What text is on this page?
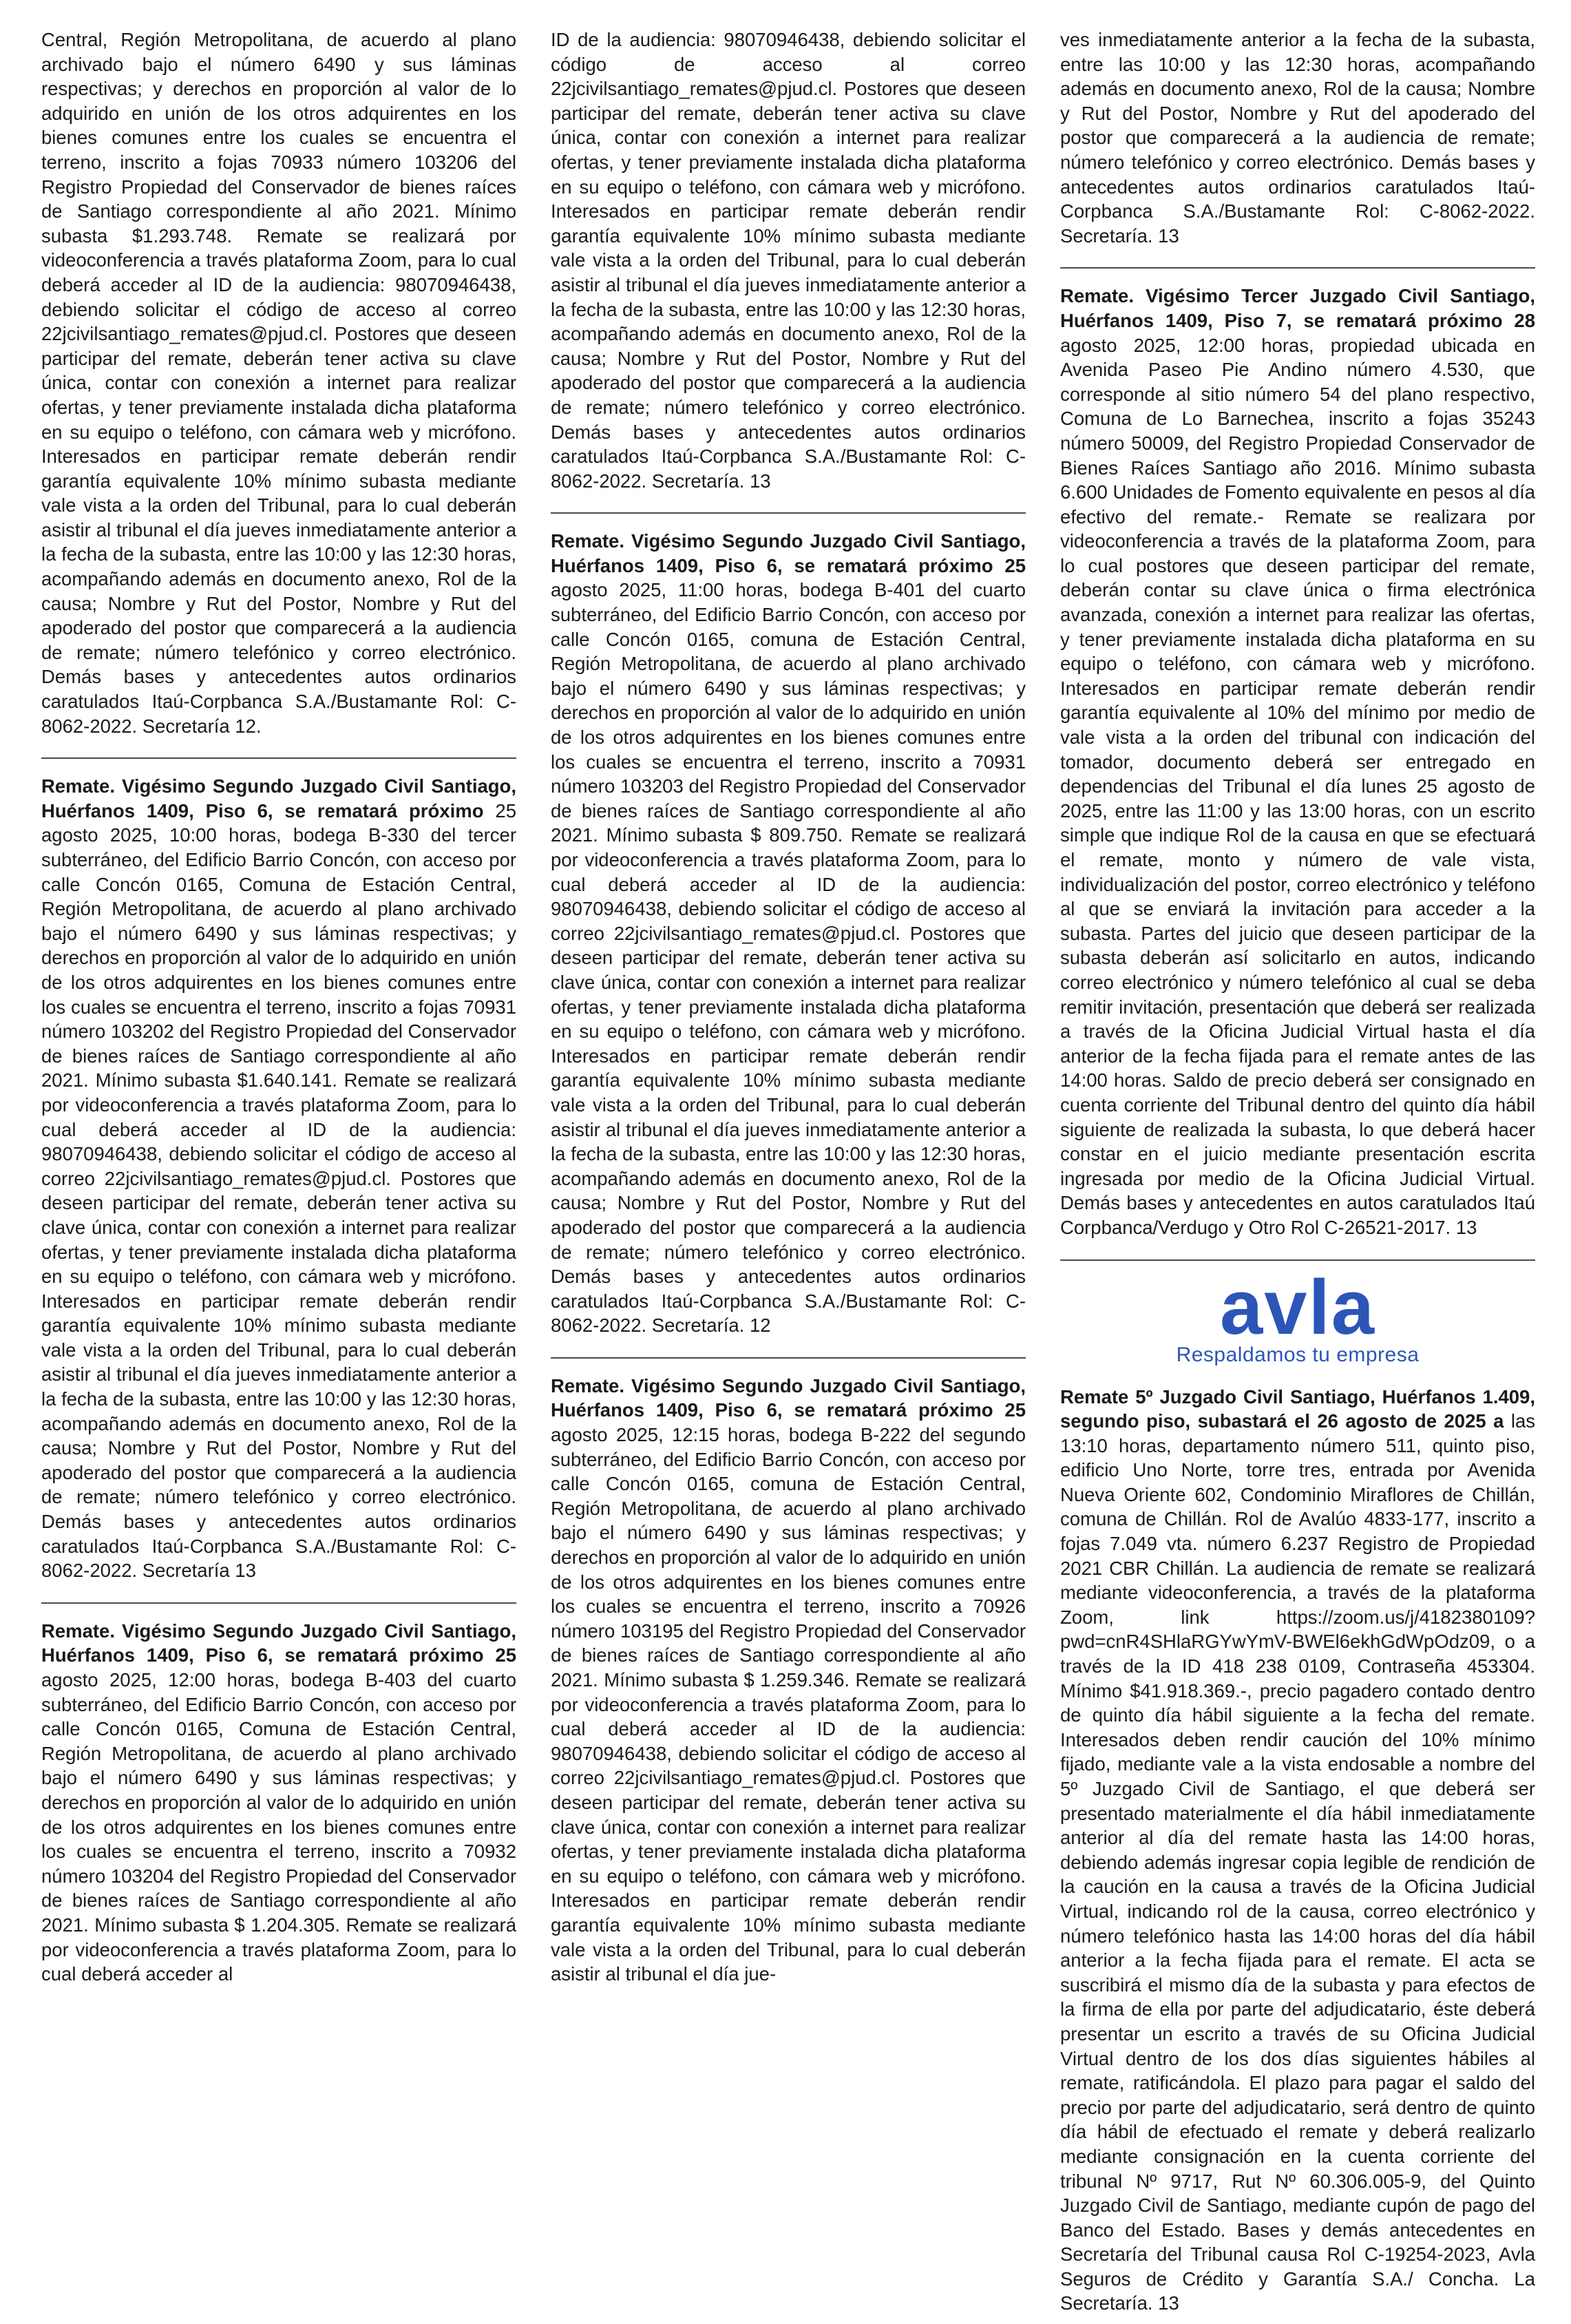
Central, Región Metropolitana, de acuerdo al plano archivado bajo el número 6490 y sus láminas respectivas; y derechos en proporción al valor de lo adquirido en unión de los otros adquirentes en los bienes comunes entre los cuales se encuentra el terreno, inscrito a fojas 70933 número 103206 del Registro Propiedad del Conservador de bienes raíces de Santiago correspondiente al año 2021. Mínimo subasta $1.293.748. Remate se realizará por videoconferencia a través plataforma Zoom, para lo cual deberá acceder al ID de la audiencia: 98070946438, debiendo solicitar el código de acceso al correo 22jcivilsantiago_remates@pjud.cl. Postores que deseen participar del remate, deberán tener activa su clave única, contar con conexión a internet para realizar ofertas, y tener previamente instalada dicha plataforma en su equipo o teléfono, con cámara web y micrófono. Interesados en participar remate deberán rendir garantía equivalente 10% mínimo subasta mediante vale vista a la orden del Tribunal, para lo cual deberán asistir al tribunal el día jueves inmediatamente anterior a la fecha de la subasta, entre las 10:00 y las 12:30 horas, acompañando además en documento anexo, Rol de la causa; Nombre y Rut del Postor, Nombre y Rut del apoderado del postor que comparecerá a la audiencia de remate; número telefónico y correo electrónico. Demás bases y antecedentes autos ordinarios caratulados Itaú-Corpbanca S.A./Bustamante Rol: C-8062-2022. Secretaría 12.

Remate. Vigésimo Segundo Juzgado Civil Santiago, Huérfanos 1409, Piso 6, se rematará próximo 25 agosto 2025, 10:00 horas, bodega B-330 del tercer subterráneo, del Edificio Barrio Concón, con acceso por calle Concón 0165, Comuna de Estación Central, Región Metropolitana, de acuerdo al plano archivado bajo el número 6490 y sus láminas respectivas; y derechos en proporción al valor de lo adquirido en unión de los otros adquirentes en los bienes comunes entre los cuales se encuentra el terreno, inscrito a fojas 70931 número 103202 del Registro Propiedad del Conservador de bienes raíces de Santiago correspondiente al año 2021. Mínimo subasta $1.640.141. Remate se realizará por videoconferencia a través plataforma Zoom, para lo cual deberá acceder al ID de la audiencia: 98070946438, debiendo solicitar el código de acceso al correo 22jcivilsantiago_remates@pjud.cl. Postores que deseen participar del remate, deberán tener activa su clave única, contar con conexión a internet para realizar ofertas, y tener previamente instalada dicha plataforma en su equipo o teléfono, con cámara web y micrófono. Interesados en participar remate deberán rendir garantía equivalente 10% mínimo subasta mediante vale vista a la orden del Tribunal, para lo cual deberán asistir al tribunal el día jueves inmediatamente anterior a la fecha de la subasta, entre las 10:00 y las 12:30 horas, acompañando además en documento anexo, Rol de la causa; Nombre y Rut del Postor, Nombre y Rut del apoderado del postor que comparecerá a la audiencia de remate; número telefónico y correo electrónico. Demás bases y antecedentes autos ordinarios caratulados Itaú-Corpbanca S.A./Bustamante Rol: C-8062-2022. Secretaría 13

Remate. Vigésimo Segundo Juzgado Civil Santiago, Huérfanos 1409, Piso 6, se rematará próximo 25 agosto 2025, 12:00 horas, bodega B-403 del cuarto subterráneo, del Edificio Barrio Concón, con acceso por calle Concón 0165, Comuna de Estación Central, Región Metropolitana, de acuerdo al plano archivado bajo el número 6490 y sus láminas respectivas; y derechos en proporción al valor de lo adquirido en unión de los otros adquirentes en los bienes comunes entre los cuales se encuentra el terreno, inscrito a 70932 número 103204 del Registro Propiedad del Conservador de bienes raíces de Santiago correspondiente al año 2021. Mínimo subasta $ 1.204.305. Remate se realizará por videoconferencia a través plataforma Zoom, para lo cual deberá acceder al

ID de la audiencia: 98070946438, debiendo solicitar el código de acceso al correo 22jcivilsantiago_remates@pjud.cl. Postores que deseen participar del remate, deberán tener activa su clave única, contar con conexión a internet para realizar ofertas, y tener previamente instalada dicha plataforma en su equipo o teléfono, con cámara web y micrófono. Interesados en participar remate deberán rendir garantía equivalente 10% mínimo subasta mediante vale vista a la orden del Tribunal, para lo cual deberán asistir al tribunal el día jueves inmediatamente anterior a la fecha de la subasta, entre las 10:00 y las 12:30 horas, acompañando además en documento anexo, Rol de la causa; Nombre y Rut del Postor, Nombre y Rut del apoderado del postor que comparecerá a la audiencia de remate; número telefónico y correo electrónico. Demás bases y antecedentes autos ordinarios caratulados Itaú-Corpbanca S.A./Bustamante Rol: C-8062-2022. Secretaría. 13

Remate. Vigésimo Segundo Juzgado Civil Santiago, Huérfanos 1409, Piso 6, se rematará próximo 25 agosto 2025, 11:00 horas, bodega B-401 del cuarto subterráneo, del Edificio Barrio Concón, con acceso por calle Concón 0165, comuna de Estación Central, Región Metropolitana, de acuerdo al plano archivado bajo el número 6490 y sus láminas respectivas; y derechos en proporción al valor de lo adquirido en unión de los otros adquirentes en los bienes comunes entre los cuales se encuentra el terreno, inscrito a 70931 número 103203 del Registro Propiedad del Conservador de bienes raíces de Santiago correspondiente al año 2021. Mínimo subasta $ 809.750. Remate se realizará por videoconferencia a través plataforma Zoom, para lo cual deberá acceder al ID de la audiencia: 98070946438, debiendo solicitar el código de acceso al correo 22jcivilsantiago_remates@pjud.cl. Postores que deseen participar del remate, deberán tener activa su clave única, contar con conexión a internet para realizar ofertas, y tener previamente instalada dicha plataforma en su equipo o teléfono, con cámara web y micrófono. Interesados en participar remate deberán rendir garantía equivalente 10% mínimo subasta mediante vale vista a la orden del Tribunal, para lo cual deberán asistir al tribunal el día jueves inmediatamente anterior a la fecha de la subasta, entre las 10:00 y las 12:30 horas, acompañando además en documento anexo, Rol de la causa; Nombre y Rut del Postor, Nombre y Rut del apoderado del postor que comparecerá a la audiencia de remate; número telefónico y correo electrónico. Demás bases y antecedentes autos ordinarios caratulados Itaú-Corpbanca S.A./Bustamante Rol: C-8062-2022. Secretaría. 12

Remate. Vigésimo Segundo Juzgado Civil Santiago, Huérfanos 1409, Piso 6, se rematará próximo 25 agosto 2025, 12:15 horas, bodega B-222 del segundo subterráneo, del Edificio Barrio Concón, con acceso por calle Concón 0165, comuna de Estación Central, Región Metropolitana, de acuerdo al plano archivado bajo el número 6490 y sus láminas respectivas; y derechos en proporción al valor de lo adquirido en unión de los otros adquirentes en los bienes comunes entre los cuales se encuentra el terreno, inscrito a 70926 número 103195 del Registro Propiedad del Conservador de bienes raíces de Santiago correspondiente al año 2021. Mínimo subasta $ 1.259.346. Remate se realizará por videoconferencia a través plataforma Zoom, para lo cual deberá acceder al ID de la audiencia: 98070946438, debiendo solicitar el código de acceso al correo 22jcivilsantiago_remates@pjud.cl. Postores que deseen participar del remate, deberán tener activa su clave única, contar con conexión a internet para realizar ofertas, y tener previamente instalada dicha plataforma en su equipo o teléfono, con cámara web y micrófono. Interesados en participar remate deberán rendir garantía equivalente 10% mínimo subasta mediante vale vista a la orden del Tribunal, para lo cual deberán asistir al tribunal el día jue-

ves inmediatamente anterior a la fecha de la subasta, entre las 10:00 y las 12:30 horas, acompañando además en documento anexo, Rol de la causa; Nombre y Rut del Postor, Nombre y Rut del apoderado del postor que comparecerá a la audiencia de remate; número telefónico y correo electrónico. Demás bases y antecedentes autos ordinarios caratulados Itaú-Corpbanca S.A./Bustamante Rol: C-8062-2022. Secretaría. 13

Remate. Vigésimo Tercer Juzgado Civil Santiago, Huérfanos 1409, Piso 7, se rematará próximo 28 agosto 2025, 12:00 horas, propiedad ubicada en Avenida Paseo Pie Andino número 4.530, que corresponde al sitio número 54 del plano respectivo, Comuna de Lo Barnechea, inscrito a fojas 35243 número 50009, del Registro Propiedad Conservador de Bienes Raíces Santiago año 2016. Mínimo subasta 6.600 Unidades de Fomento equivalente en pesos al día efectivo del remate.- Remate se realizara por videoconferencia a través de la plataforma Zoom, para lo cual postores que deseen participar del remate, deberán contar su clave única o firma electrónica avanzada, conexión a internet para realizar las ofertas, y tener previamente instalada dicha plataforma en su equipo o teléfono, con cámara web y micrófono. Interesados en participar remate deberán rendir garantía equivalente al 10% del mínimo por medio de vale vista a la orden del tribunal con indicación del tomador, documento deberá ser entregado en dependencias del Tribunal el día lunes 25 agosto de 2025, entre las 11:00 y las 13:00 horas, con un escrito simple que indique Rol de la causa en que se efectuará el remate, monto y número de vale vista, individualización del postor, correo electrónico y teléfono al que se enviará la invitación para acceder a la subasta. Partes del juicio que deseen participar de la subasta deberán así solicitarlo en autos, indicando correo electrónico y número telefónico al cual se deba remitir invitación, presentación que deberá ser realizada a través de la Oficina Judicial Virtual hasta el día anterior de la fecha fijada para el remate antes de las 14:00 horas. Saldo de precio deberá ser consignado en cuenta corriente del Tribunal dentro del quinto día hábil siguiente de realizada la subasta, lo que deberá hacer constar en el juicio mediante presentación escrita ingresada por medio de la Oficina Judicial Virtual. Demás bases y antecedentes en autos caratulados Itaú Corpbanca/Verdugo y Otro Rol C-26521-2017. 13

avla
Respaldamos tu empresa

Remate 5º Juzgado Civil Santiago, Huérfanos 1.409, segundo piso, subastará el 26 agosto de 2025 a las 13:10 horas, departamento número 511, quinto piso, edificio Uno Norte, torre tres, entrada por Avenida Nueva Oriente 602, Condominio Miraflores de Chillán, comuna de Chillán. Rol de Avalúo 4833-177, inscrito a fojas 7.049 vta. número 6.237 Registro de Propiedad 2021 CBR Chillán. La audiencia de remate se realizará mediante videoconferencia, a través de la plataforma Zoom, link https://zoom.us/j/4182380109?pwd=cnR4SHlaRGYwYmV-BWEl6ekhGdWpOdz09, o a través de la ID 418 238 0109, Contraseña 453304. Mínimo $41.918.369.-, precio pagadero contado dentro de quinto día hábil siguiente a la fecha del remate. Interesados deben rendir caución del 10% mínimo fijado, mediante vale a la vista endosable a nombre del 5º Juzgado Civil de Santiago, el que deberá ser presentado materialmente el día hábil inmediatamente anterior al día del remate hasta las 14:00 horas, debiendo además ingresar copia legible de rendición de la caución en la causa a través de la Oficina Judicial Virtual, indicando rol de la causa, correo electrónico y número telefónico hasta las 14:00 horas del día hábil anterior a la fecha fijada para el remate. El acta se suscribirá el mismo día de la subasta y para efectos de la firma de ella por parte del adjudicatario, éste deberá presentar un escrito a través de su Oficina Judicial Virtual dentro de los dos días siguientes hábiles al remate, ratificándola. El plazo para pagar el saldo del precio por parte del adjudicatario, será dentro de quinto día hábil de efectuado el remate y deberá realizarlo mediante consignación en la cuenta corriente del tribunal Nº 9717, Rut Nº 60.306.005-9, del Quinto Juzgado Civil de Santiago, mediante cupón de pago del Banco del Estado. Bases y demás antecedentes en Secretaría del Tribunal causa Rol C-19254-2023, Avla Seguros de Crédito y Garantía S.A./ Concha. La Secretaría. 13
